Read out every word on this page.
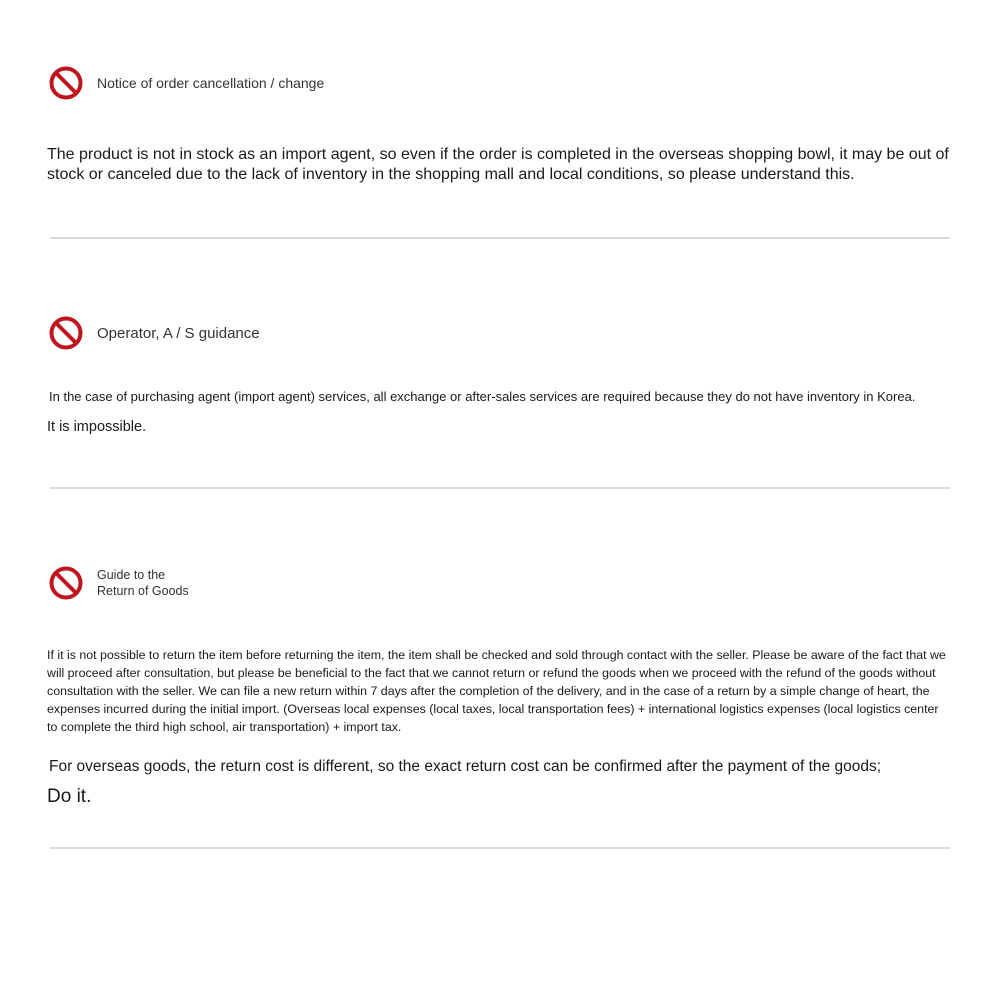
Notice of order cancellation / change

The product is not in stock as an import agent, so even if the order is completed in the overseas shopping bowl, it may be out of stock or canceled due to the lack of inventory in the shopping mall and local conditions, so please understand this.

Operator, A / S guidance

In the case of purchasing agent (import agent) services, all exchange or after-sales services are required because they do not have inventory in Korea.

It is impossible.

Guide to the
Return of Goods

If it is not possible to return the item before returning the item, the item shall be checked and sold through contact with the seller. Please be aware of the fact that we will proceed after consultation, but please be beneficial to the fact that we cannot return or refund the goods when we proceed with the refund of the goods without consultation with the seller. We can file a new return within 7 days after the completion of the delivery, and in the case of a return by a simple change of heart, the expenses incurred during the initial import. (Overseas local expenses (local taxes, local transportation fees) + international logistics expenses (local logistics center to complete the third high school, air transportation) + import tax.

For overseas goods, the return cost is different, so the exact return cost can be confirmed after the payment of the goods;

Do it.
